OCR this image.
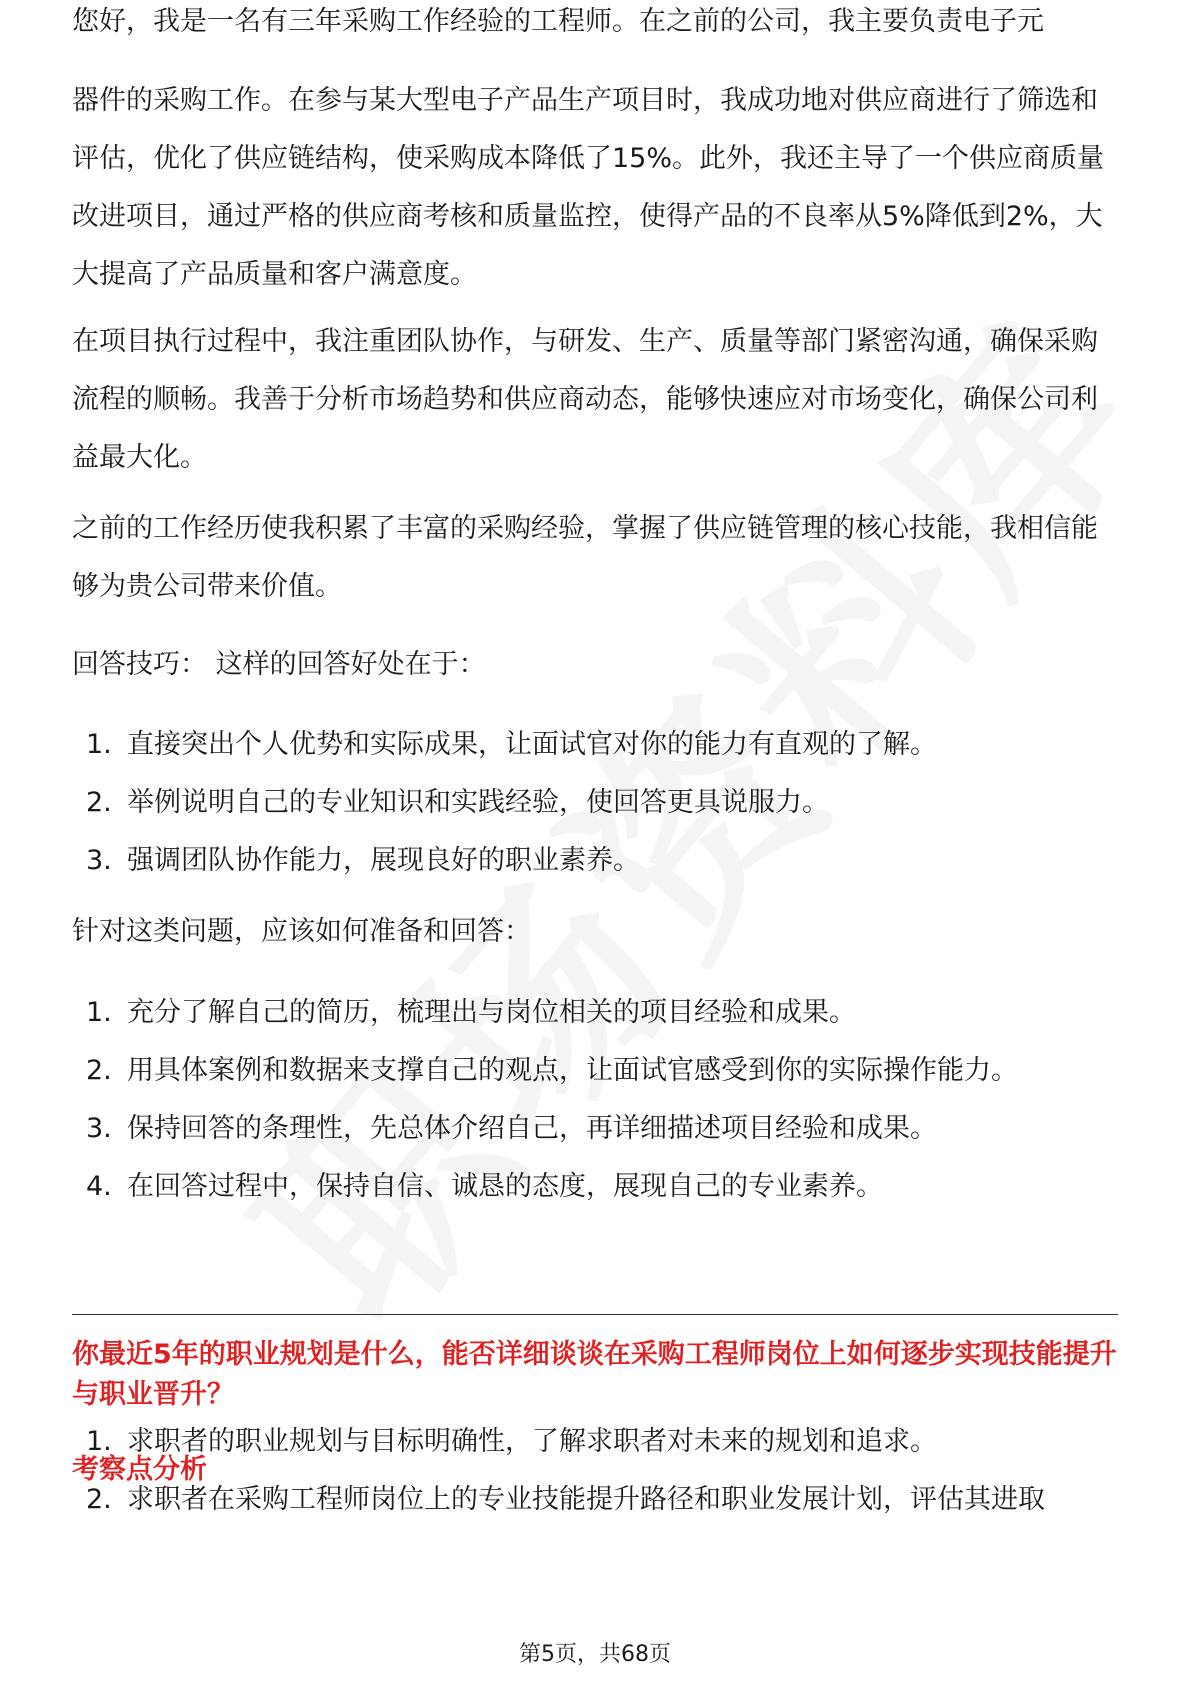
您好，我是一名有三年采购工作经验的工程师。在之前的公司，我主要负责电子元

器件的采购工作。在参与某大型电子产品生产项目时，我成功地对供应商进行了筛选和评估，优化了供应链结构，使采购成本降低了15%。此外，我还主导了一个供应商质量改进项目，通过严格的供应商考核和质量监控，使得产品的不良率从5%降低到2%，大大提高了产品质量和客户满意度。

在项目执行过程中，我注重团队协作，与研发、生产、质量等部门紧密沟通，确保采购流程的顺畅。我善于分析市场趋势和供应商动态，能够快速应对市场变化，确保公司利益最大化。

之前的工作经历使我积累了丰富的采购经验，掌握了供应链管理的核心技能，我相信能够为贵公司带来价值。

回答技巧： 这样的回答好处在于：

1. 直接突出个人优势和实际成果，让面试官对你的能力有直观的了解。
2. 举例说明自己的专业知识和实践经验，使回答更具说服力。
3. 强调团队协作能力，展现良好的职业素养。

针对这类问题，应该如何准备和回答：

1. 充分了解自己的简历，梳理出与岗位相关的项目经验和成果。
2. 用具体案例和数据来支撑自己的观点，让面试官感受到你的实际操作能力。
3. 保持回答的条理性，先总体介绍自己，再详细描述项目经验和成果。
4. 在回答过程中，保持自信、诚恳的态度，展现自己的专业素养。
1. 求职者的职业规划与目标明确性，了解求职者对未来的规划和追求。
2. 求职者在采购工程师岗位上的专业技能提升路径和职业发展计划，评估其进取

你最近5年的职业规划是什么，能否详细谈谈在采购工程师岗位上如何逐步实现技能提升与职业晋升？

考察点分析

第5页，共68页
